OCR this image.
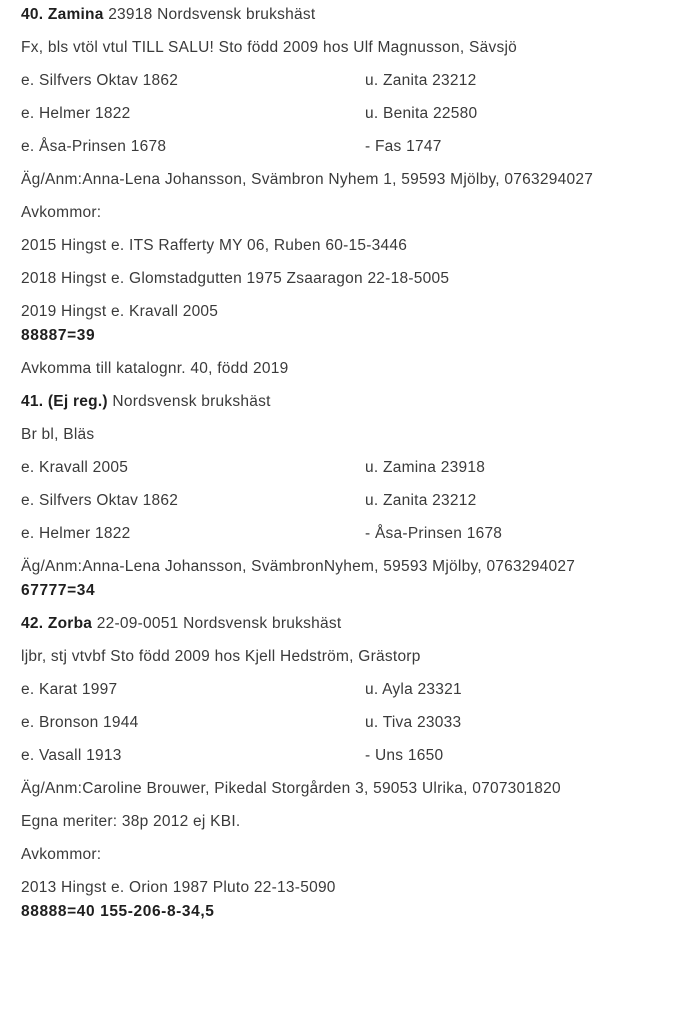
40. Zamina 23918 Nordsvensk brukshäst
Fx, bls vtöl vtul TILL SALU! Sto född 2009 hos Ulf Magnusson, Sävsjö
e. Silfvers Oktav 1862	u. Zanita 23212
e. Helmer 1822	u. Benita 22580
e. Åsa-Prinsen 1678	- Fas 1747
Äg/Anm:Anna-Lena Johansson, Svämbron Nyhem 1, 59593 Mjölby, 0763294027
Avkommor:
2015 Hingst e. ITS Rafferty MY 06, Ruben 60-15-3446
2018 Hingst e. Glomstadgutten 1975 Zsaaragon 22-18-5005
2019 Hingst e. Kravall 2005
88887=39
Avkomma till katalognr. 40, född 2019
41. (Ej reg.) Nordsvensk brukshäst
Br bl, Bläs
e. Kravall 2005	u. Zamina 23918
e. Silfvers Oktav 1862	u. Zanita 23212
e. Helmer 1822	- Åsa-Prinsen 1678
Äg/Anm:Anna-Lena Johansson, SvämbronNyhem, 59593 Mjölby, 0763294027
67777=34
42. Zorba 22-09-0051 Nordsvensk brukshäst
ljbr, stj vtvbf Sto född 2009 hos Kjell Hedström, Grästorp
e. Karat 1997	u. Ayla 23321
e. Bronson 1944	u. Tiva 23033
e. Vasall 1913	- Uns 1650
Äg/Anm:Caroline Brouwer, Pikedal Storgården 3, 59053 Ulrika, 0707301820
Egna meriter: 38p 2012 ej KBI.
Avkommor:
2013 Hingst e. Orion 1987 Pluto 22-13-5090
88888=40 155-206-8-34,5
